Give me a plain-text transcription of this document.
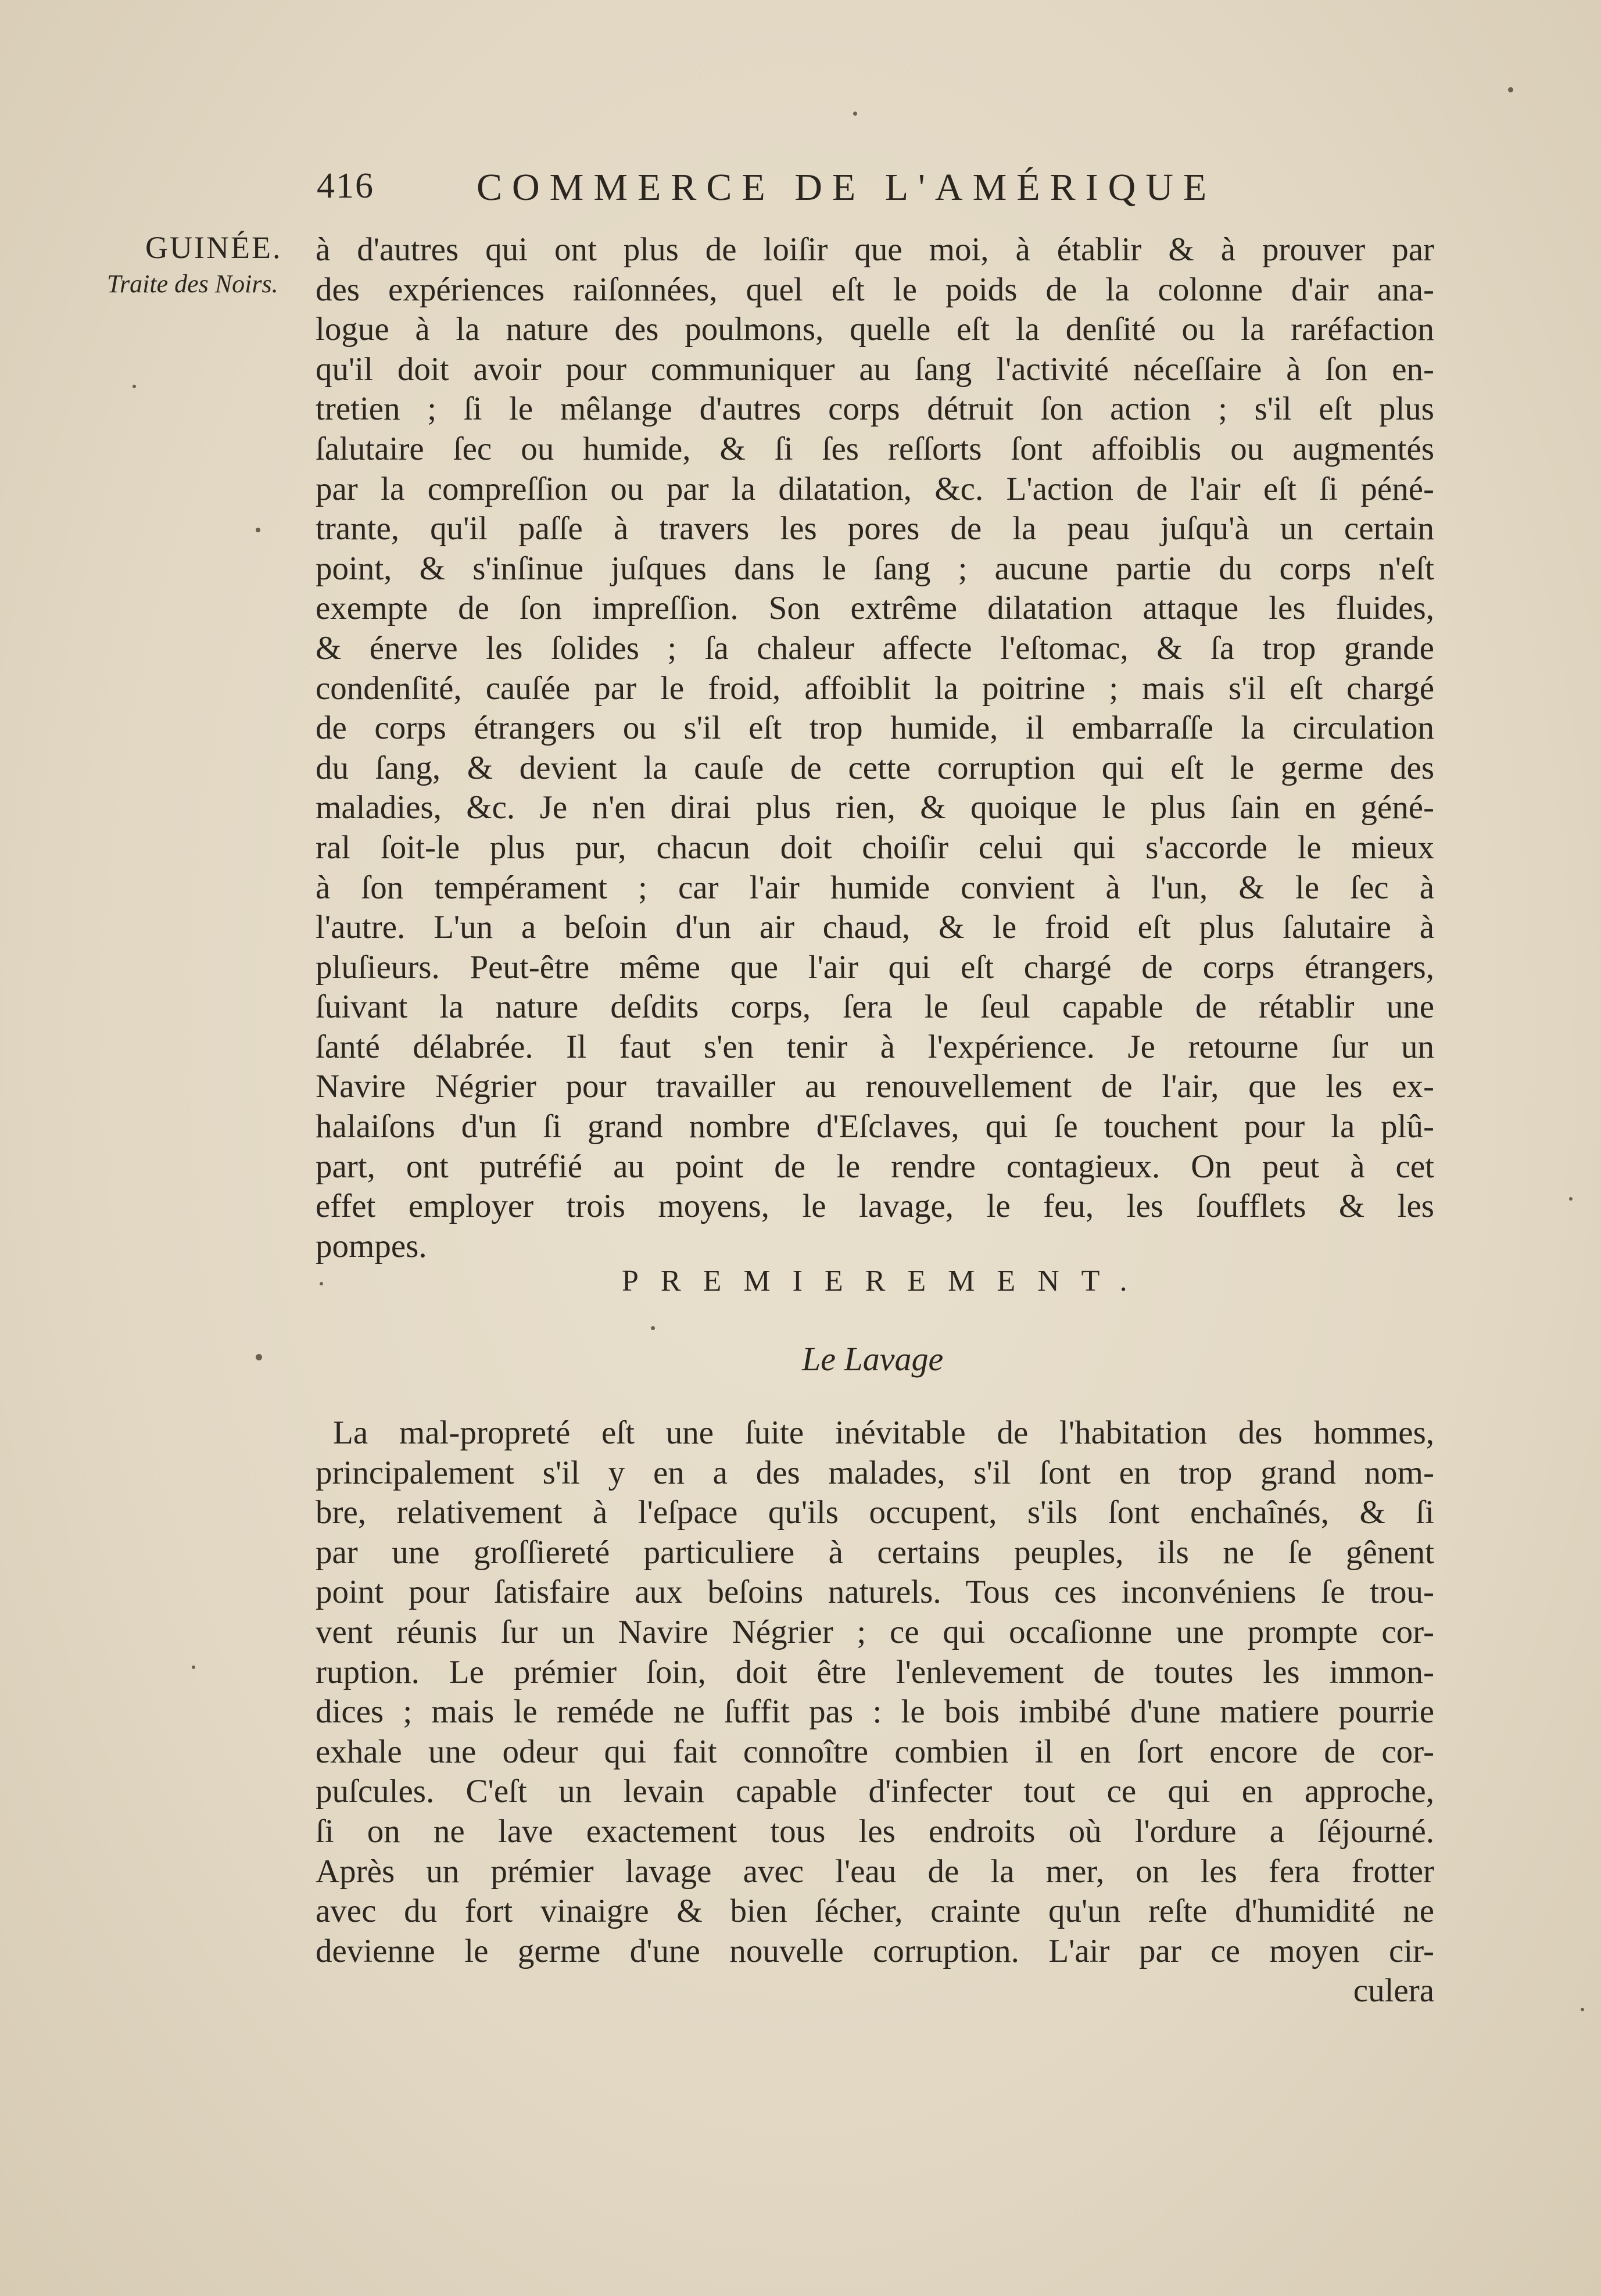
416	COMMERCE DE L'AMÉRIQUE
GUINÉE.
Traite des Noirs.
à d'autres qui ont plus de loiſir que moi, à établir & à prouver par
des expériences raiſonnées, quel eſt le poids de la colonne d'air ana-
logue à la nature des poulmons, quelle eſt la denſité ou la raréfaction
qu'il doit avoir pour communiquer au ſang l'activité néceſſaire à ſon en-
tretien ; ſi le mêlange d'autres corps détruit ſon action ; s'il eſt plus
ſalutaire ſec ou humide, & ſi ſes reſſorts ſont affoiblis ou augmentés
par la compreſſion ou par la dilatation, &c. L'action de l'air eſt ſi péné-
trante, qu'il paſſe à travers les pores de la peau juſqu'à un certain
point, & s'inſinue juſques dans le ſang ; aucune partie du corps n'eſt
exempte de ſon impreſſion. Son extrême dilatation attaque les fluides,
& énerve les ſolides ; ſa chaleur affecte l'eſtomac, & ſa trop grande
condenſité, cauſée par le froid, affoiblit la poitrine ; mais s'il eſt chargé
de corps étrangers ou s'il eſt trop humide, il embarraſſe la circulation
du ſang, & devient la cauſe de cette corruption qui eſt le germe des
maladies, &c. Je n'en dirai plus rien, & quoique le plus ſain en géné-
ral ſoit-le plus pur, chacun doit choiſir celui qui s'accorde le mieux
à ſon tempérament ; car l'air humide convient à l'un, & le ſec à
l'autre. L'un a beſoin d'un air chaud, & le froid eſt plus ſalutaire à
pluſieurs. Peut-être même que l'air qui eſt chargé de corps étrangers,
ſuivant la nature deſdits corps, ſera le ſeul capable de rétablir une
ſanté délabrée. Il faut s'en tenir à l'expérience. Je retourne ſur un
Navire Négrier pour travailler au renouvellement de l'air, que les ex-
halaiſons d'un ſi grand nombre d'Eſclaves, qui ſe touchent pour la plû-
part, ont putréfié au point de le rendre contagieux. On peut à cet
effet employer trois moyens, le lavage, le feu, les ſoufflets & les
pompes.
PREMIEREMENT.
Le Lavage
La mal-propreté eſt une ſuite inévitable de l'habitation des hommes,
principalement s'il y en a des malades, s'il ſont en trop grand nom-
bre, relativement à l'eſpace qu'ils occupent, s'ils ſont enchaînés, & ſi
par une groſſiereté particuliere à certains peuples, ils ne ſe gênent
point pour ſatisfaire aux beſoins naturels. Tous ces inconvéniens ſe trou-
vent réunis ſur un Navire Négrier ; ce qui occaſionne une prompte cor-
ruption. Le prémier ſoin, doit être l'enlevement de toutes les immon-
dices ; mais le reméde ne ſuffit pas : le bois imbibé d'une matiere pourrie
exhale une odeur qui fait connoître combien il en ſort encore de cor-
puſcules. C'eſt un levain capable d'infecter tout ce qui en approche,
ſi on ne lave exactement tous les endroits où l'ordure a ſéjourné.
Après un prémier lavage avec l'eau de la mer, on les fera frotter
avec du fort vinaigre & bien ſécher, crainte qu'un reſte d'humidité ne
devienne le germe d'une nouvelle corruption. L'air par ce moyen cir-
culera
